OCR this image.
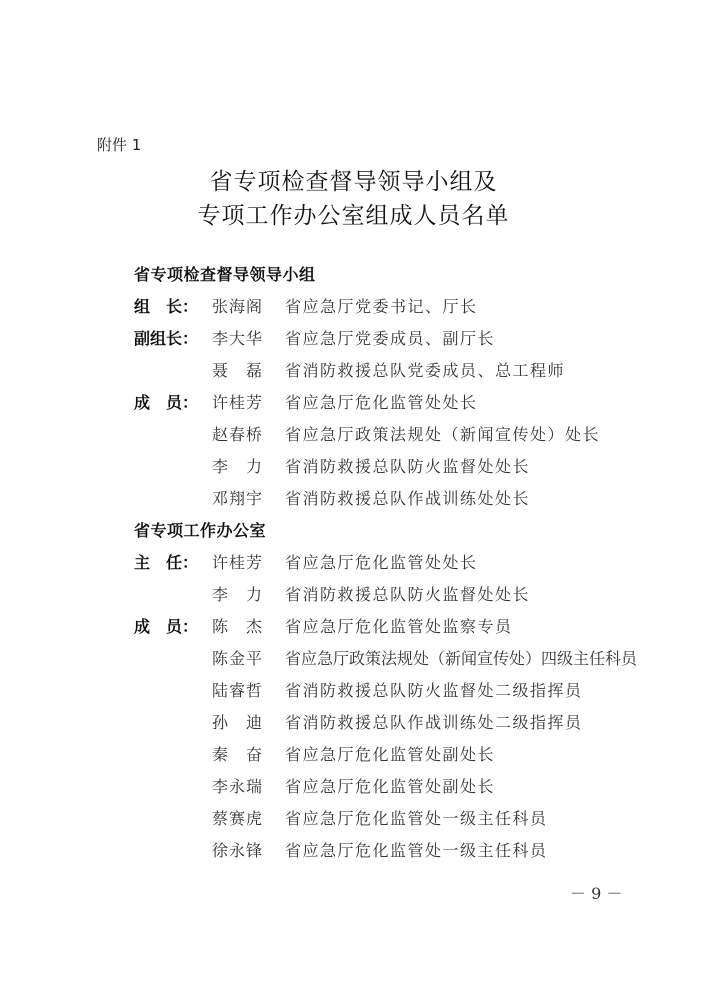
附件 1
省专项检查督导领导小组及
专项工作办公室组成人员名单
省专项检查督导领导小组
组　长： 张海阁	省应急厅党委书记、厅长
副组长： 李大华	省应急厅党委成员、副厅长
聂　磊	省消防救援总队党委成员、总工程师
成　员： 许桂芳	省应急厅危化监管处处长
赵春桥	省应急厅政策法规处（新闻宣传处）处长
李　力	省消防救援总队防火监督处处长
邓翔宇	省消防救援总队作战训练处处长
省专项工作办公室
主　任： 许桂芳	省应急厅危化监管处处长
李　力	省消防救援总队防火监督处处长
成　员： 陈　杰	省应急厅危化监管处监察专员
陈金平	省应急厅政策法规处（新闻宣传处）四级主任科员
陆睿哲	省消防救援总队防火监督处二级指挥员
孙　迪	省消防救援总队作战训练处二级指挥员
秦　奋	省应急厅危化监管处副处长
李永瑞	省应急厅危化监管处副处长
蔡赛虎	省应急厅危化监管处一级主任科员
徐永锋	省应急厅危化监管处一级主任科员
－ 9 －
